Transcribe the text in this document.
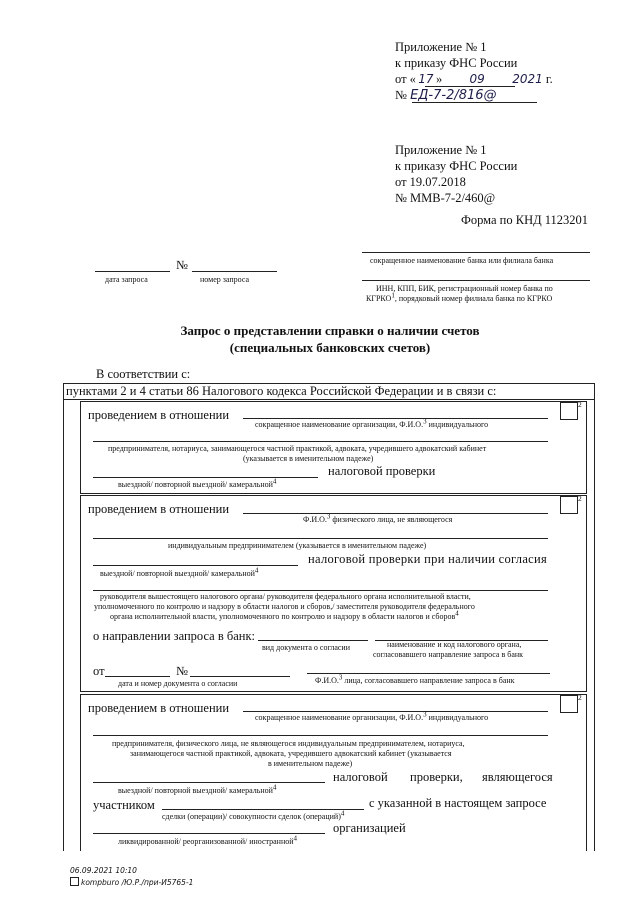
Приложение № 1
к приказу ФНС России
от « 17 » 09 2021 г.
№ ЕД-7-2/816@
Приложение № 1
к приказу ФНС России
от 19.07.2018
№ ММВ-7-2/460@
Форма по КНД 1123201
№
дата запроса	номер запроса
сокращенное наименование банка или филиала банка
ИНН, КПП, БИК, регистрационный номер банка по
КГРКО1, порядковый номер филиала банка по КГРКО
Запрос о представлении справки о наличии счетов
(специальных банковских счетов)
В соответствии с:
пунктами 2 и 4 статьи 86 Налогового кодекса Российской Федерации и в связи с:
2
проведением в отношении
сокращенное наименование организации, Ф.И.О.3 индивидуального
предпринимателя, нотариуса, занимающегося частной практикой, адвоката, учредившего адвокатский кабинет
(указывается в именительном падеже)
налоговой проверки
выездной/ повторной выездной/ камеральной4
2
проведением в отношении
Ф.И.О.3 физического лица, не являющегося
индивидуальным предпринимателем (указывается в именительном падеже)
налоговой проверки при наличии согласия
выездной/ повторной выездной/ камеральной4
руководителя вышестоящего налогового органа/ руководителя федерального органа исполнительной власти,
уполномоченного по контролю и надзору в области налогов и сборов,/ заместителя руководителя федерального
органа исполнительной власти, уполномоченного по контролю и надзору в области налогов и сборов4
о направлении запроса в банк:
вид документа о согласии	наименование и код налогового органа,
согласовавшего направление запроса в банк
от	№
дата и номер документа о согласии	Ф.И.О.3 лица, согласовавшего направление запроса в банк
2
проведением в отношении
сокращенное наименование организации, Ф.И.О.3 индивидуального
предпринимателя, физического лица, не являющегося индивидуальным предпринимателем, нотариуса,
занимающегося частной практикой, адвоката, учредившего адвокатский кабинет (указывается
в именительном падеже)
налоговой проверки, являющегося
выездной/ повторной выездной/ камеральной4
участником	с указанной в настоящем запросе
сделки (операции)/ совокупности сделок (операций)4
организацией
ликвидированной/ реорганизованной/ иностранной4
06.09.2021 10:10
kompburo /Ю.Р./при-И5765-1
